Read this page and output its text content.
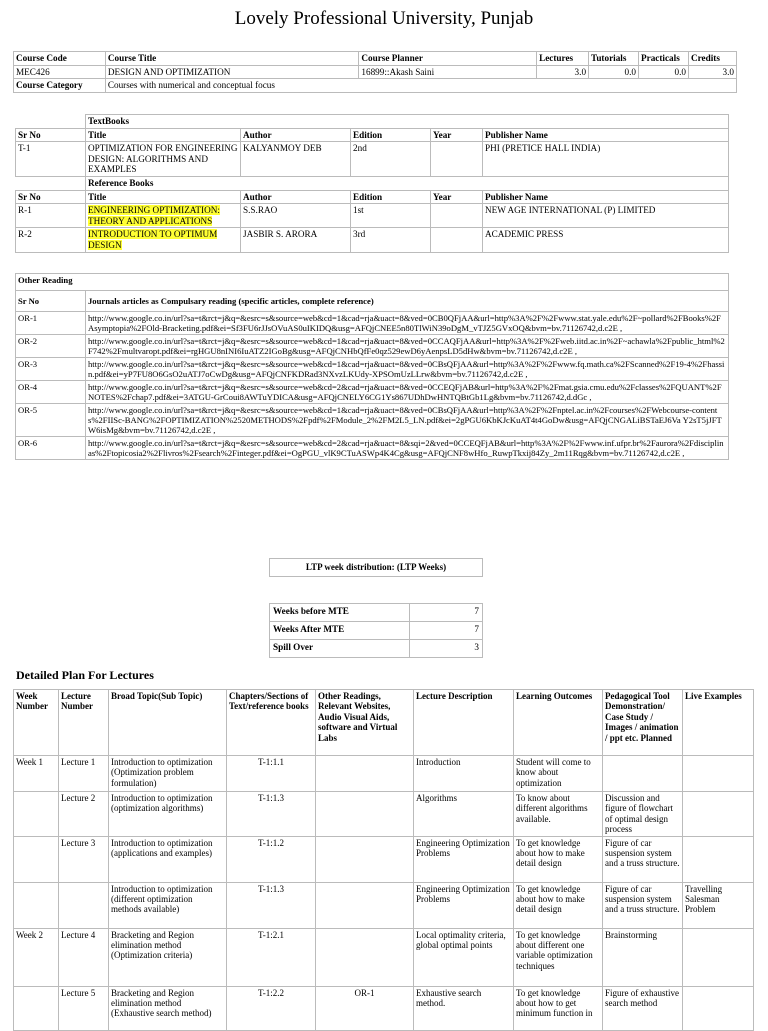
Lovely Professional University, Punjab
Course Code	Course Title	Course Planner	Lectures	Tutorials	Practicals	Credits
MEC426	DESIGN AND OPTIMIZATION	16899::Akash Saini	3.0	0.0	0.0	3.0
Course Category	Courses with numerical and conceptual focus					
	TextBooks				
Sr No	Title	Author	Edition	Year	Publisher Name
T-1	OPTIMIZATION FOR ENGINEERING DESIGN: ALGORITHMS AND EXAMPLES	KALYANMOY DEB	2nd		PHI (PRETICE HALL INDIA)
	Reference Books				
Sr No	Title	Author	Edition	Year	Publisher Name
R-1	ENGINEERING OPTIMIZATION: THEORY AND APPLICATIONS	S.S.RAO	1st		NEW AGE INTERNATIONAL (P) LIMITED
R-2	INTRODUCTION TO OPTIMUM DESIGN	JASBIR S. ARORA	3rd		ACADEMIC PRESS
Other Reading	
Sr No	Journals articles as Compulsary reading (specific articles, complete reference)
OR-1	http://www.google.co.in/url?sa=t&rct=j&q=&esrc=s&source=web&cd=1&cad=rja&uact=8&ved=0CB0QFjAA&url=http%3A%2F%2Fwww.stat.yale.edu%2F~pollard%2FBooks%2FAsymptopia%2FOld-Bracketing.pdf&ei=Sf3FU6rJJsOVuAS0uIKIDQ&usg=AFQjCNEE5n80TlWiN39oDgM_vTJZ5GVxOQ&bvm=bv.71126742,d.c2E ,
OR-2	http://www.google.co.in/url?sa=t&rct=j&q=&esrc=s&source=web&cd=1&cad=rja&uact=8&ved=0CCAQFjAA&url=http%3A%2F%2Fweb.iitd.ac.in%2F~achawla%2Fpublic_html%2F742%2Fmultvaropt.pdf&ei=rgHGU8nINI6IuATZ2IGoBg&usg=AFQjCNHbQfFe0qz529ewD6yAenpsLD5dHw&bvm=bv.71126742,d.c2E ,
OR-3	http://www.google.co.in/url?sa=t&rct=j&q=&esrc=s&source=web&cd=1&cad=rja&uact=8&ved=0CBsQFjAA&url=http%3A%2F%2Fwww.fq.math.ca%2FScanned%2F19-4%2Fhassin.pdf&ei=yP7FU8O6GsO2uATJ7oCwDg&usg=AFQjCNFKDRad3NXvzLKUdy-XPSOmUzLLrw&bvm=bv.71126742,d.c2E ,
OR-4	http://www.google.co.in/url?sa=t&rct=j&q=&esrc=s&source=web&cd=2&cad=rja&uact=8&ved=0CCEQFjAB&url=http%3A%2F%2Fmat.gsia.cmu.edu%2Fclasses%2FQUANT%2FNOTES%2Fchap7.pdf&ei=3ATGU-GrCoui8AWTuYDICA&usg=AFQjCNELY6CG1Ys867UDhDwHNTQBtGb1Lg&bvm=bv.71126742,d.dGc ,
OR-5	http://www.google.co.in/url?sa=t&rct=j&q=&esrc=s&source=web&cd=1&cad=rja&uact=8&ved=0CBsQFjAA&url=http%3A%2F%2Fnptel.ac.in%2Fcourses%2FWebcourse-contents%2FIISc-BANG%2FOPTIMIZATION%2520METHODS%2Fpdf%2FModule_2%2FM2L5_LN.pdf&ei=2gPGU6KbKJcKuAT4t4GoDw&usg=AFQjCNGALiBSTaEJ6Va Y2sT5jJFTW6isMg&bvm=bv.71126742,d.c2E ,
OR-6	http://www.google.co.in/url?sa=t&rct=j&q=&esrc=s&source=web&cd=2&cad=rja&uact=8&sqi=2&ved=0CCEQFjAB&url=http%3A%2F%2Fwww.inf.ufpr.br%2Faurora%2Fdisciplinas%2Ftopicosia2%2Flivros%2Fsearch%2Finteger.pdf&ei=OgPGU_vlK9CTuASWp4K4Cg&usg=AFQjCNF8wHfo_RuwpTkxij84Zy_2m11Rqg&bvm=bv.71126742,d.c2E ,
LTP week distribution: (LTP Weeks)
Weeks before MTE	7
Weeks After MTE	7
Spill Over	3
Detailed Plan For Lectures
Week Number	Lecture Number	Broad Topic(Sub Topic)	Chapters/Sections of Text/reference books	Other Readings, Relevant Websites, Audio Visual Aids, software and Virtual Labs	Lecture Description	Learning Outcomes	Pedagogical Tool Demonstration/ Case Study / Images / animation / ppt etc. Planned	Live Examples
Week 1	Lecture 1	Introduction to optimization (Optimization problem formulation)	T-1:1.1		Introduction	Student will come to know about optimization		
	Lecture 2	Introduction to optimization (optimization algorithms)	T-1:1.3		Algorithms	To know about different algorithms available.	Discussion and figure of flowchart of optimal design process	
	Lecture 3	Introduction to optimization (applications and examples)	T-1:1.2		Engineering Optimization Problems	To get knowledge about how to make detail design	Figure of car suspension system and a truss structure.	
		Introduction to optimization (different optimization methods available)	T-1:1.3		Engineering Optimization Problems	To get knowledge about how to make detail design	Figure of car suspension system and a truss structure.	Travelling Salesman Problem
Week 2	Lecture 4	Bracketing and Region elimination method (Optimization criteria)	T-1:2.1		Local optimality criteria, global optimal points	To get knowledge about different one variable optimization techniques	Brainstorming	
	Lecture 5	Bracketing and Region elimination method (Exhaustive search method)	T-1:2.2	OR-1	Exhaustive search method.	To get knowledge about how to get minimum function in	Figure of exhaustive search method	
